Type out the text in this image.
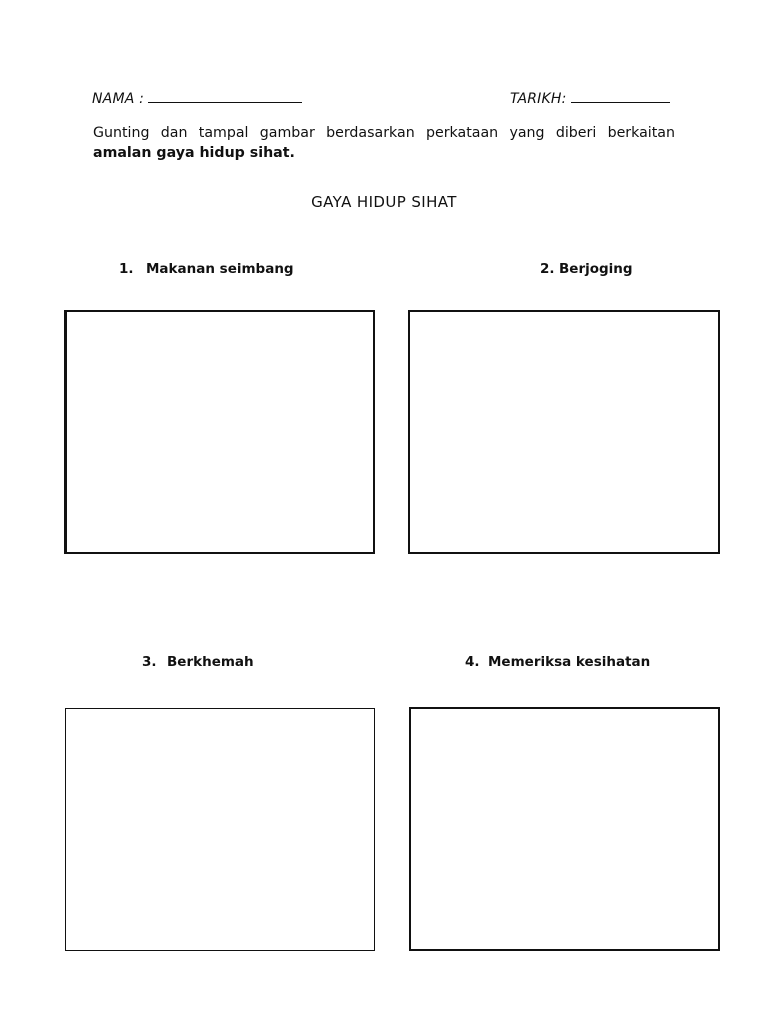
NAMA :	TARIKH:
Gunting dan tampal gambar berdasarkan perkataan yang diberi berkaitan amalan gaya hidup sihat.
GAYA HIDUP SIHAT
1. Makanan seimbang	2. Berjoging
3. Berkhemah	4. Memeriksa kesihatan
